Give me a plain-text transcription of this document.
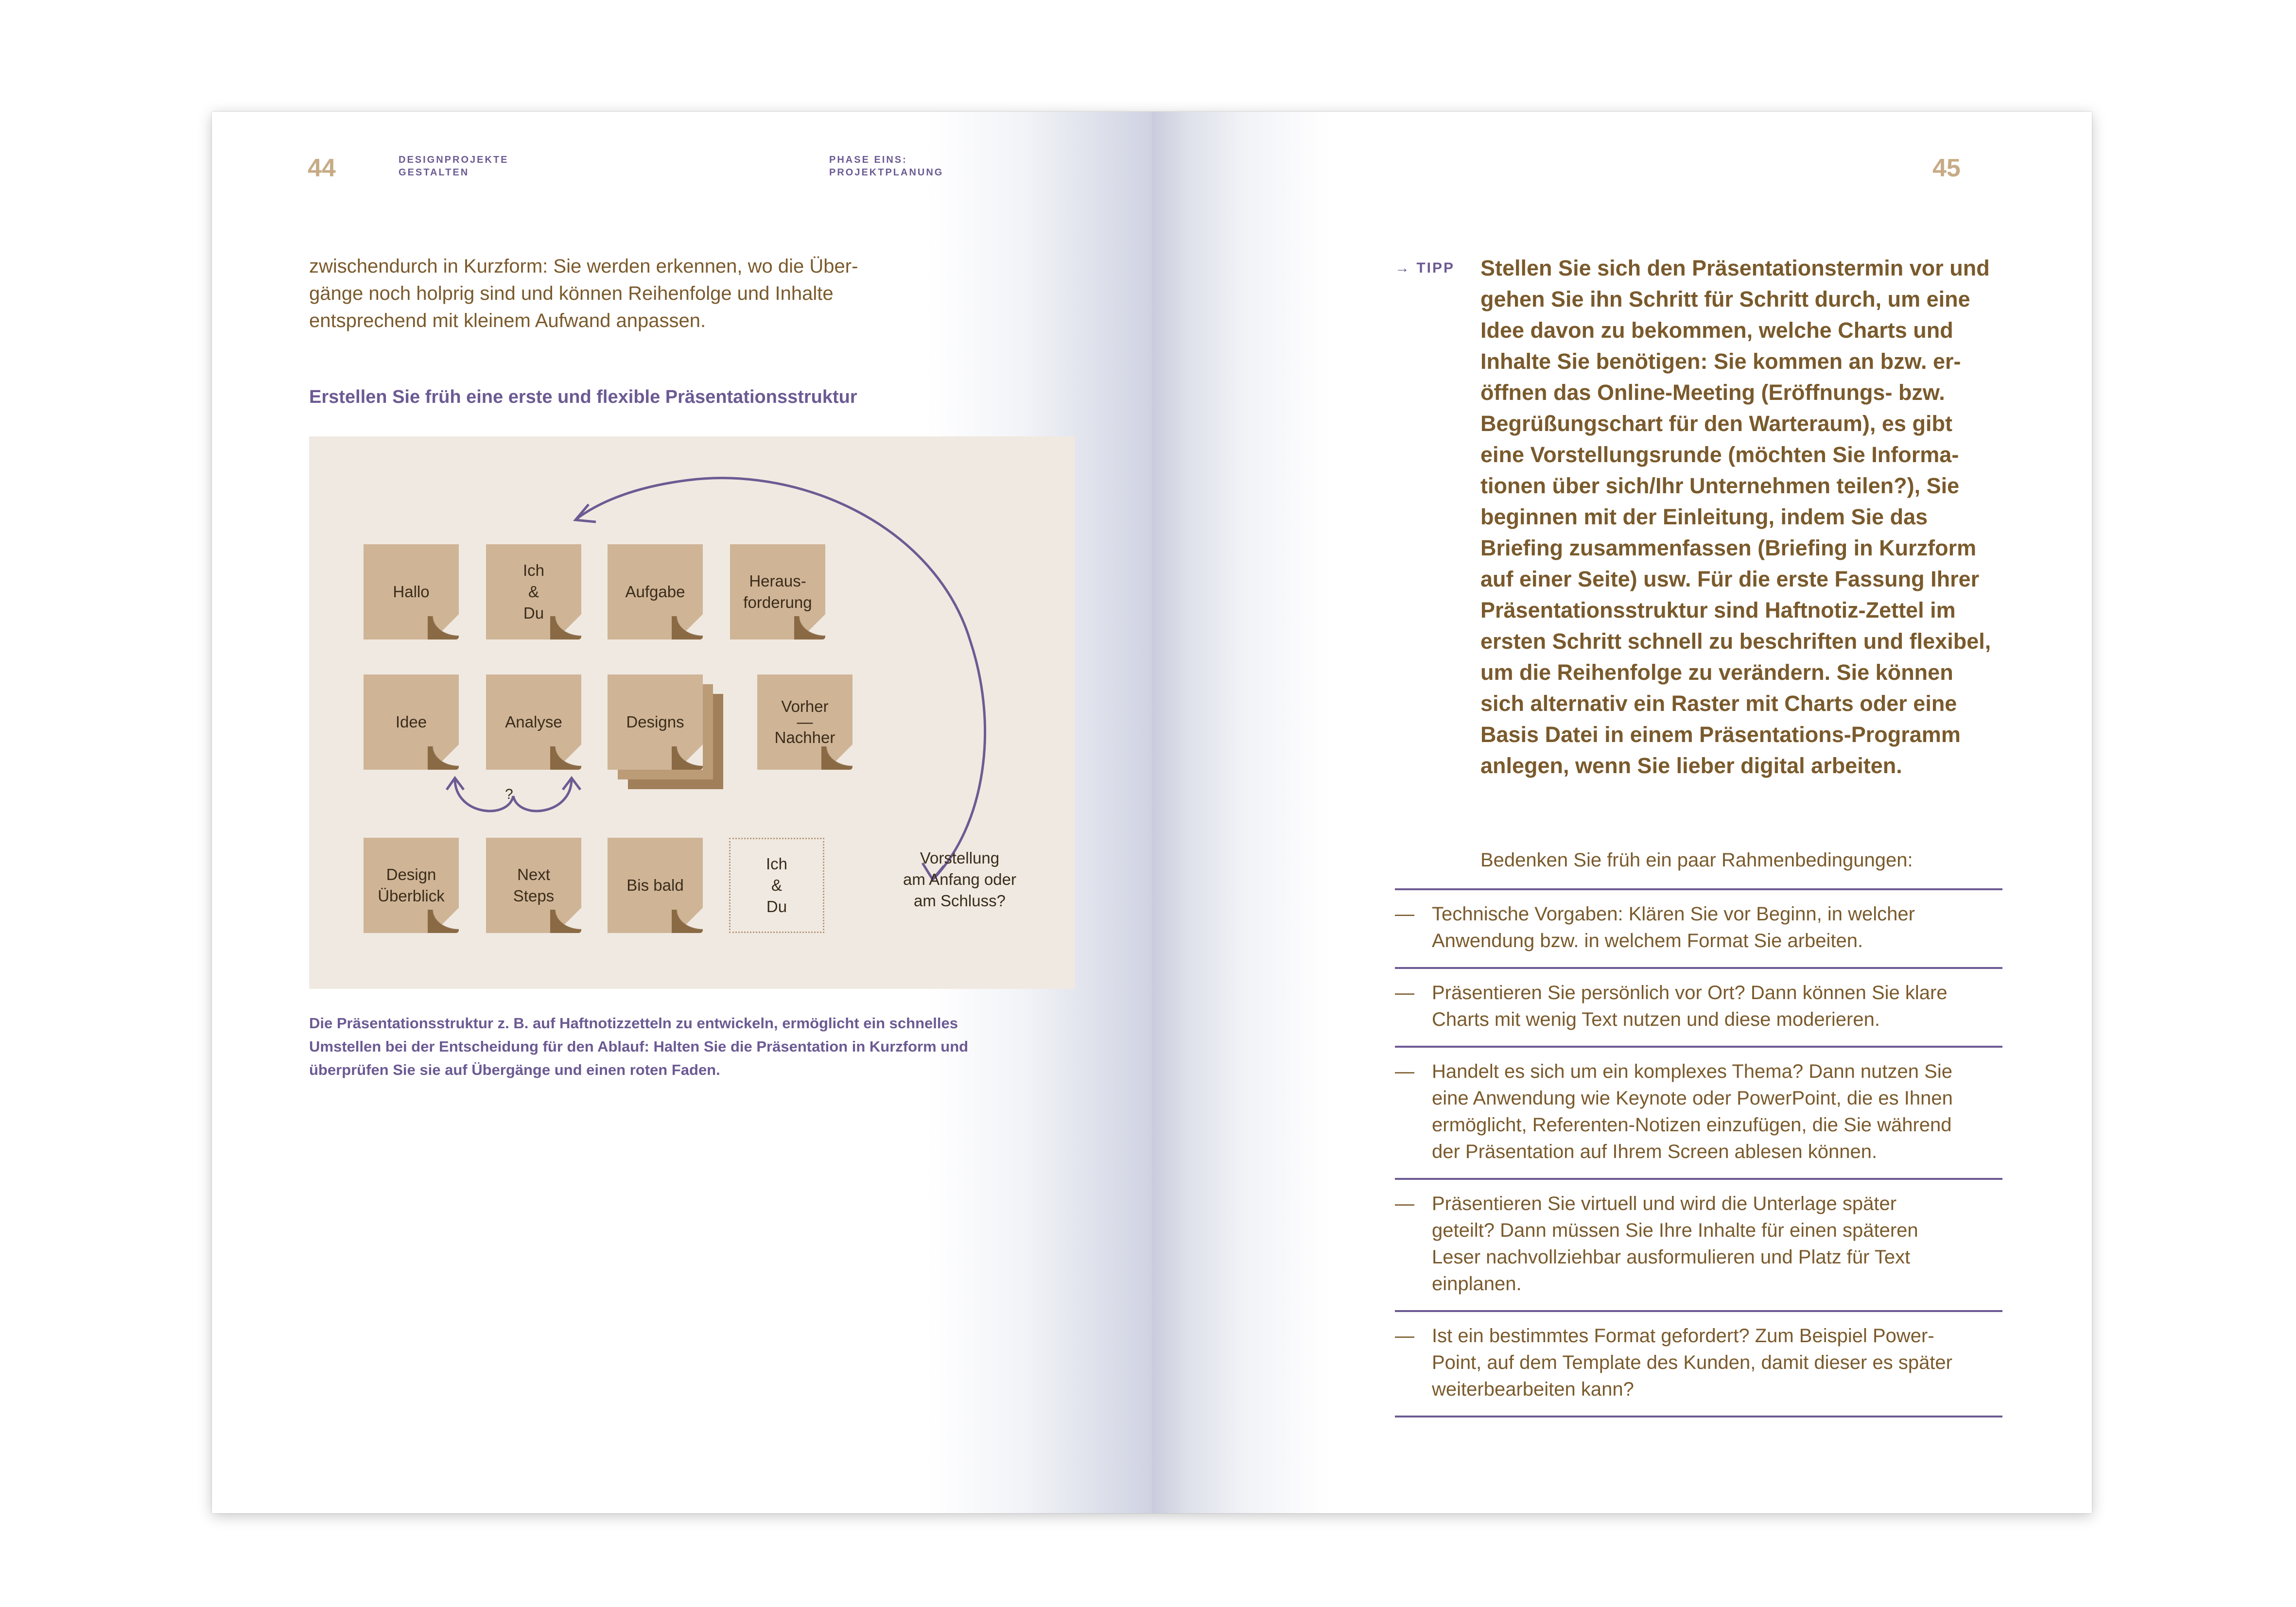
44	DESIGNPROJEKTE
GESTALTEN
PHASE EINS:
PROJEKTPLANUNG
zwischendurch in Kurzform: Sie werden erkennen, wo die Über-
gänge noch holprig sind und können Reihenfolge und Inhalte
entsprechend mit kleinem Aufwand anpassen.
Erstellen Sie früh eine erste und flexible Präsentationsstruktur
?
Hallo
Ich
&
Du
Aufgabe
Heraus-
forderung
Idee	Analyse	Designs
Vorher
—
Nachher
Design
Überblick
Next
Steps
Bis bald
Ich
&
Du
Vorstellung
am Anfang oder
am Schluss?
Die Präsentationsstruktur z. B. auf Haftnotizzetteln zu entwickeln, ermöglicht ein schnelles
Umstellen bei der Entscheidung für den Ablauf: Halten Sie die Präsentation in Kurzform und
überprüfen Sie sie auf Übergänge und einen roten Faden.
45
→ TIPP Stellen Sie sich den Präsentationstermin vor und
gehen Sie ihn Schritt für Schritt durch, um eine
Idee davon zu bekommen, welche Charts und
Inhalte Sie benötigen: Sie kommen an bzw. er-
öffnen das Online-Meeting (Eröffnungs- bzw.
Begrüßungschart für den Warteraum), es gibt
eine Vorstellungsrunde (möchten Sie Informa-
tionen über sich/Ihr Unternehmen teilen?), Sie
beginnen mit der Einleitung, indem Sie das
Briefing zusammenfassen (Briefing in Kurzform
auf einer Seite) usw. Für die erste Fassung Ihrer
Präsentationsstruktur sind Haftnotiz-Zettel im
ersten Schritt schnell zu beschriften und flexibel,
um die Reihenfolge zu verändern. Sie können
sich alternativ ein Raster mit Charts oder eine
Basis Datei in einem Präsentations-Programm
anlegen, wenn Sie lieber digital arbeiten.
Bedenken Sie früh ein paar Rahmenbedingungen:
— Technische Vorgaben: Klären Sie vor Beginn, in welcher
Anwendung bzw. in welchem Format Sie arbeiten.
— Präsentieren Sie persönlich vor Ort? Dann können Sie klare
Charts mit wenig Text nutzen und diese moderieren.
— Handelt es sich um ein komplexes Thema? Dann nutzen Sie
eine Anwendung wie Keynote oder PowerPoint, die es Ihnen
ermöglicht, Referenten-Notizen einzufügen, die Sie während
der Präsentation auf Ihrem Screen ablesen können.
— Präsentieren Sie virtuell und wird die Unterlage später
geteilt? Dann müssen Sie Ihre Inhalte für einen späteren
Leser nachvollziehbar ausformulieren und Platz für Text
einplanen.
— Ist ein bestimmtes Format gefordert? Zum Beispiel Power-
Point, auf dem Template des Kunden, damit dieser es später
weiterbearbeiten kann?
